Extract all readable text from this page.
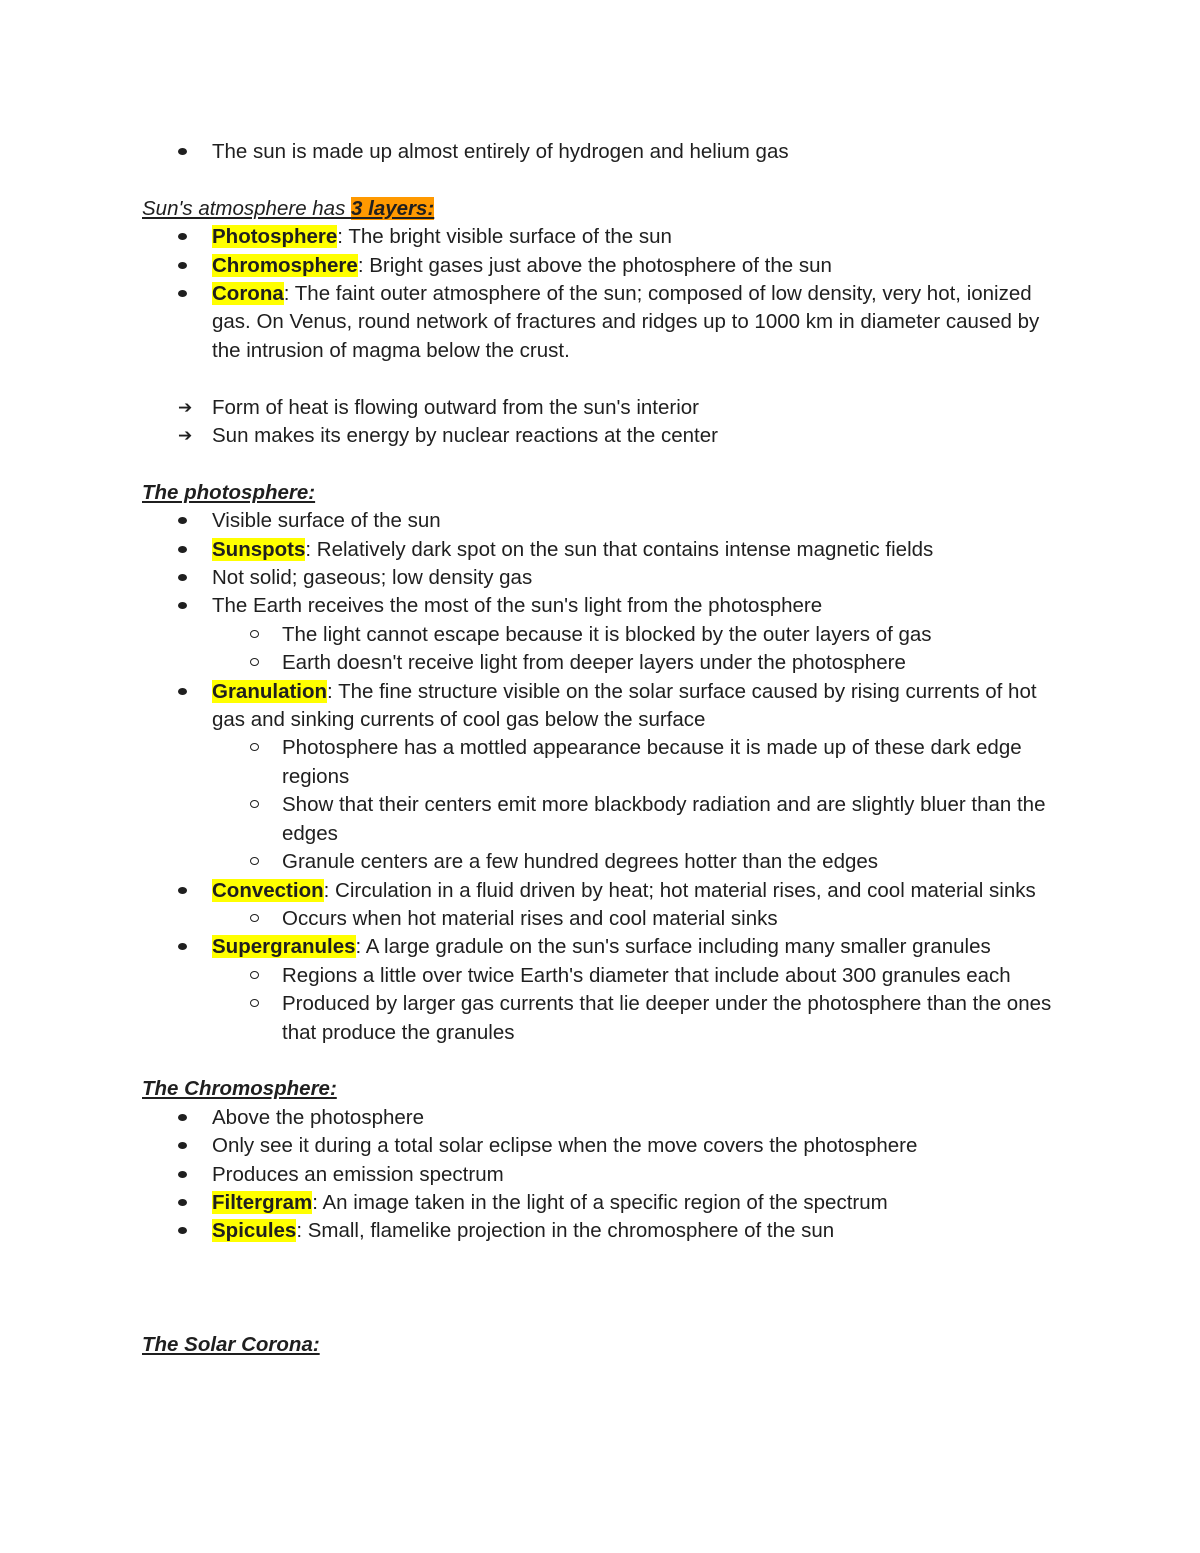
The sun is made up almost entirely of hydrogen and helium gas
Sun's atmosphere has 3 layers:
Photosphere: The bright visible surface of the sun
Chromosphere: Bright gases just above the photosphere of the sun
Corona: The faint outer atmosphere of the sun; composed of low density, very hot, ionized gas. On Venus, round network of fractures and ridges up to 1000 km in diameter caused by the intrusion of magma below the crust.
➔ Form of heat is flowing outward from the sun's interior
➔ Sun makes its energy by nuclear reactions at the center
The photosphere:
Visible surface of the sun
Sunspots: Relatively dark spot on the sun that contains intense magnetic fields
Not solid; gaseous; low density gas
The Earth receives the most of the sun's light from the photosphere
The light cannot escape because it is blocked by the outer layers of gas
Earth doesn't receive light from deeper layers under the photosphere
Granulation: The fine structure visible on the solar surface caused by rising currents of hot gas and sinking currents of cool gas below the surface
Photosphere has a mottled appearance because it is made up of these dark edge regions
Show that their centers emit more blackbody radiation and are slightly bluer than the edges
Granule centers are a few hundred degrees hotter than the edges
Convection: Circulation in a fluid driven by heat; hot material rises, and cool material sinks
Occurs when hot material rises and cool material sinks
Supergranules: A large gradule on the sun's surface including many smaller granules
Regions a little over twice Earth's diameter that include about 300 granules each
Produced by larger gas currents that lie deeper under the photosphere than the ones that produce the granules
The Chromosphere:
Above the photosphere
Only see it during a total solar eclipse when the move covers the photosphere
Produces an emission spectrum
Filtergram: An image taken in the light of a specific region of the spectrum
Spicules: Small, flamelike projection in the chromosphere of the sun
The Solar Corona:
